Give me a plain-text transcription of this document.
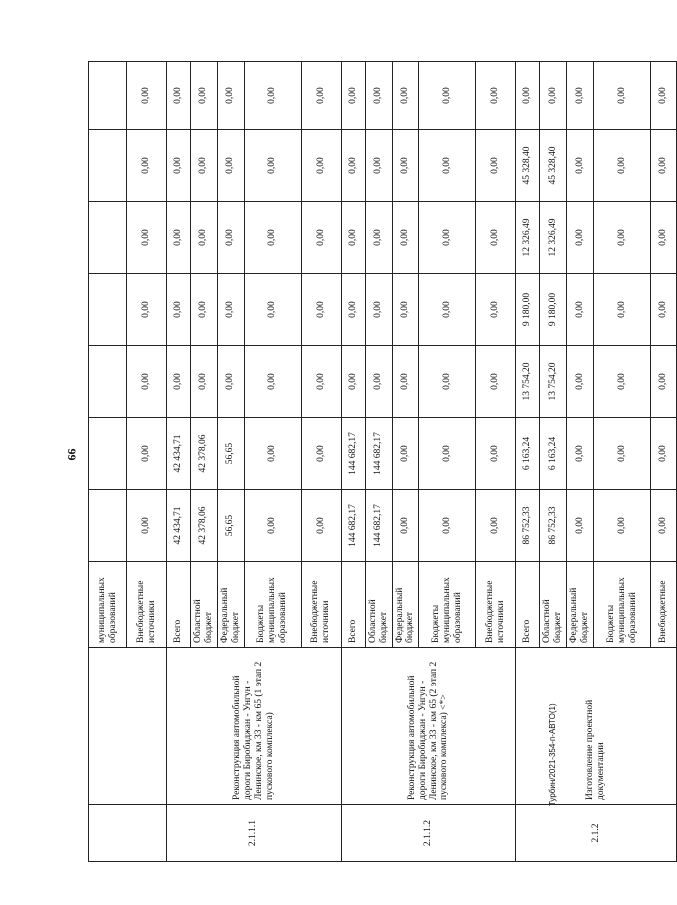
66
Турбин/2021-354-п-АВТО(1)
		муниципальных образований							
		Внебюджетные источники	0,00	0,00	0,00	0,00	0,00	0,00	0,00
2.1.1.1	Реконструкция автомобильной дороги Биробиджан - Унгун - Ленинское, км 33 - км 65 (1 этап 2 пускового комплекса)	Всего	42 434,71	42 434,71	0,00	0,00	0,00	0,00	0,00
		Областной бюджет	42 378,06	42 378,06	0,00	0,00	0,00	0,00	0,00
		Федеральный бюджет	56,65	56,65	0,00	0,00	0,00	0,00	0,00
		Бюджеты муниципальных образований	0,00	0,00	0,00	0,00	0,00	0,00	0,00
		Внебюджетные источники	0,00	0,00	0,00	0,00	0,00	0,00	0,00
2.1.1.2	Реконструкция автомобильной дороги Биробиджан - Унгун - Ленинское, км 33 - км 65 (2 этап 2 пускового комплекса) <*>	Всего	144 682,17	144 682,17	0,00	0,00	0,00	0,00	0,00
		Областной бюджет	144 682,17	144 682,17	0,00	0,00	0,00	0,00	0,00
		Федеральный бюджет	0,00	0,00	0,00	0,00	0,00	0,00	0,00
		Бюджеты муниципальных образований	0,00	0,00	0,00	0,00	0,00	0,00	0,00
		Внебюджетные источники	0,00	0,00	0,00	0,00	0,00	0,00	0,00
2.1.2	Изготовление проектной документации	Всего	86 752,33	6 163,24	13 754,20	9 180,00	12 326,49	45 328,40	0,00
		Областной бюджет	86 752,33	6 163,24	13 754,20	9 180,00	12 326,49	45 328,40	0,00
		Федеральный бюджет	0,00	0,00	0,00	0,00	0,00	0,00	0,00
		Бюджеты муниципальных образований	0,00	0,00	0,00	0,00	0,00	0,00	0,00
		Внебюджетные	0,00	0,00	0,00	0,00	0,00	0,00	0,00
